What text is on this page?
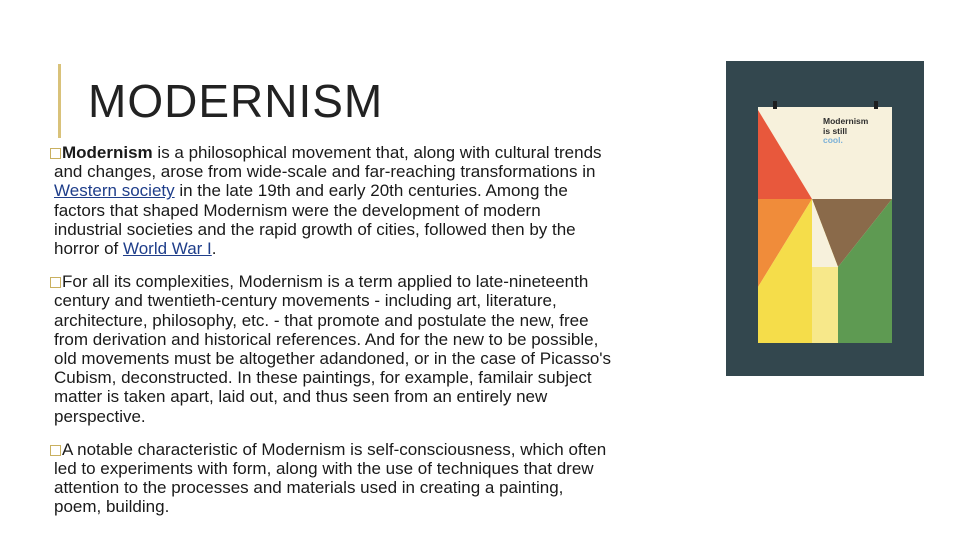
MODERNISM
Modernism is a philosophical movement that, along with cultural trends
and changes, arose from wide-scale and far-reaching transformations in
Western society in the late 19th and early 20th centuries. Among the
factors that shaped Modernism were the development of modern
industrial societies and the rapid growth of cities, followed then by the
horror of World War I.
For all its complexities, Modernism is a term applied to late-nineteenth
century and twentieth-century movements - including art, literature,
architecture, philosophy, etc. - that promote and postulate the new, free
from derivation and historical references. And for the new to be possible,
old movements must be altogether adandoned, or in the case of Picasso's
Cubism, deconstructed. In these paintings, for example, familair subject
matter is taken apart, laid out, and thus seen from an entirely new
perspective.
A notable characteristic of Modernism is self-consciousness, which often
led to experiments with form, along with the use of techniques that drew
attention to the processes and materials used in creating a painting,
poem, building.
Modernism
is still
cool.
